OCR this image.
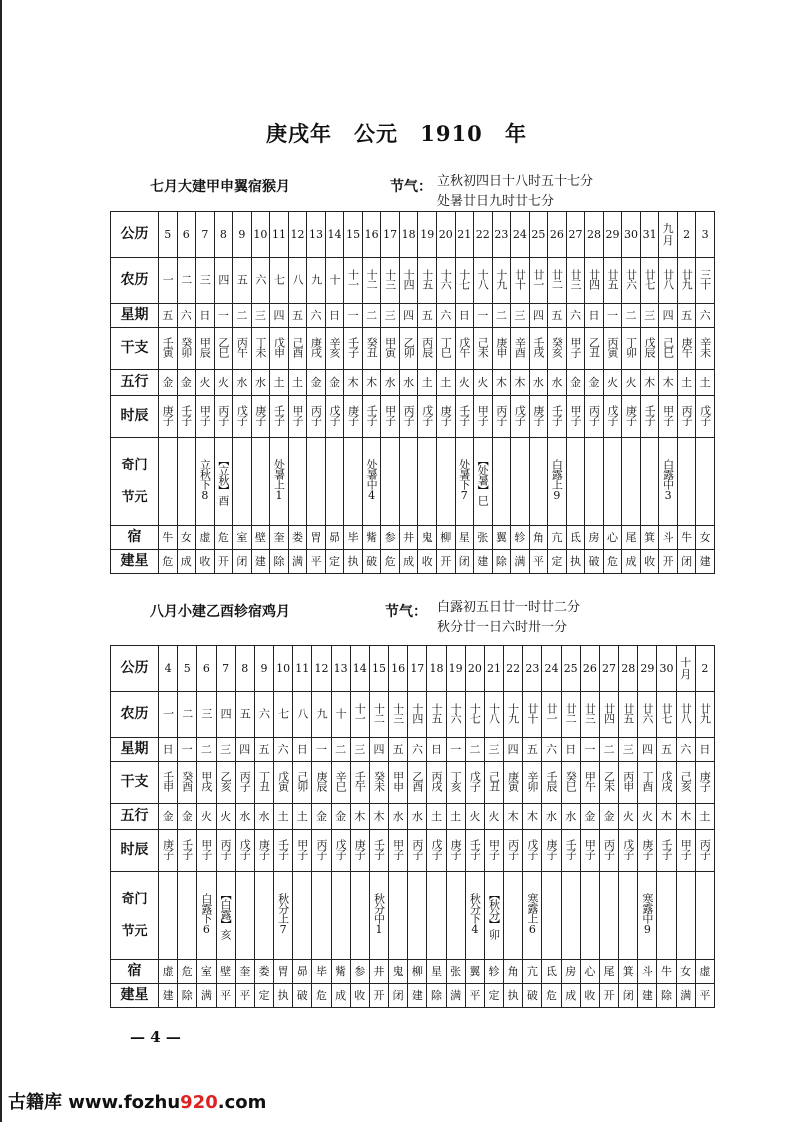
庚戌年　公元 1910 年
七月大建甲申翼宿猴月	节气： 立秋初四日十八时五十七分
处暑廿日九时廿七分
公历	5	6	7	8	9	10	11	12	13	14	15	16	17	18	19	20	21	22	23	24	25	26	27	28	29	30	31	九月	2	3
农历	一	二	三	四	五	六	七	八	九	十	十一	十二	十三	十四	十五	十六	十七	十八	十九	廿十	廿一	廿二	廿三	廿四	廿五	廿六	廿七	廿八	廿九	三十
星期	五	六	日	一	二	三	四	五	六	日	一	二	三	四	五	六	日	一	二	三	四	五	六	日	一	二	三	四	五	六
干支	壬寅	癸卯	甲辰	乙巳	丙午	丁未	戊申	己酉	庚戌	辛亥	壬子	癸丑	甲寅	乙卯	丙辰	丁巳	戊午	己未	庚申	辛酉	壬戌	癸亥	甲子	乙丑	丙寅	丁卯	戊辰	己巳	庚午	辛未
五行	金	金	火	火	水	水	土	土	金	金	木	木	水	水	土	土	火	火	木	木	水	水	金	金	火	火	木	木	土	土
时辰	庚子	壬子	甲子	丙子	戊子	庚子	壬子	甲子	丙子	戊子	庚子	壬子	甲子	丙子	戊子	庚子	壬子	甲子	丙子	戊子	庚子	壬子	甲子	丙子	戊子	庚子	壬子	甲子	丙子	戊子

奇门
节元			立秋下8	【立秋】酉			处暑上1					处暑中4					处暑下7	【处暑】巳				白露上9						白露中3		
宿	牛	女	虚	危	室	壁	奎	娄	胃	昴	毕	觜	参	井	鬼	柳	星	张	翼	轸	角	亢	氐	房	心	尾	箕	斗	牛	女
建星	危	成	收	开	闭	建	除	满	平	定	执	破	危	成	收	开	闭	建	除	满	平	定	执	破	危	成	收	开	闭	建
八月小建乙酉轸宿鸡月	节气： 白露初五日廿一时廿二分
秋分廿一日六时卅一分
公历	4	5	6	7	8	9	10	11	12	13	14	15	16	17	18	19	20	21	22	23	24	25	26	27	28	29	30	十月	2
农历	一	二	三	四	五	六	七	八	九	十	十一	十二	十三	十四	十五	十六	十七	十八	十九	廿十	廿一	廿二	廿三	廿四	廿五	廿六	廿七	廿八	廿九
星期	日	一	二	三	四	五	六	日	一	二	三	四	五	六	日	一	二	三	四	五	六	日	一	二	三	四	五	六	日
干支	壬申	癸酉	甲戌	乙亥	丙子	丁丑	戊寅	己卯	庚辰	辛巳	壬午	癸未	甲申	乙酉	丙戌	丁亥	戊子	己丑	庚寅	辛卯	壬辰	癸巳	甲午	乙未	丙申	丁酉	戊戌	己亥	庚子
五行	金	金	火	火	水	水	土	土	金	金	木	木	水	水	土	土	火	火	木	木	水	水	金	金	火	火	木	木	土
时辰	庚子	壬子	甲子	丙子	戊子	庚子	壬子	甲子	丙子	戊子	庚子	壬子	甲子	丙子	戊子	庚子	壬子	甲子	丙子	戊子	庚子	壬子	甲子	丙子	戊子	庚子	壬子	甲子	丙子

奇门
节元			白露下6	【白露】亥			秋分上7					秋分中1					秋分下4	【秋分】卯		寒露上6						寒露中9			
宿	虚	危	室	壁	奎	娄	胃	昴	毕	觜	参	井	鬼	柳	星	张	翼	轸	角	亢	氐	房	心	尾	箕	斗	牛	女	虚
建星	建	除	满	平	平	定	执	破	危	成	收	开	闭	建	除	满	平	定	执	破	危	成	收	开	闭	建	除	满	平
— 4 —
古籍库 www.fozhu920.com
